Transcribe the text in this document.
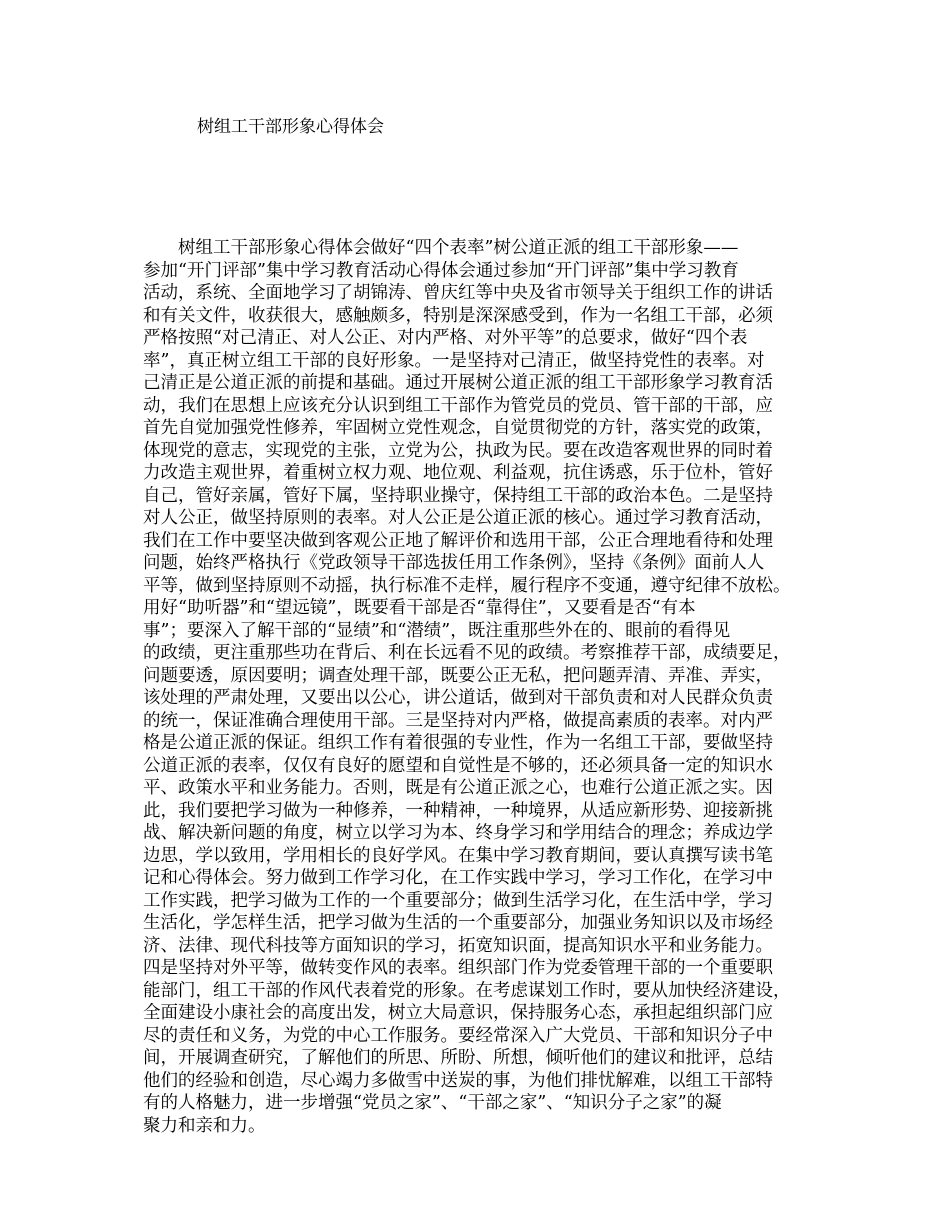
树组工干部形象心得体会
树组工干部形象心得体会做好“四个表率”树公道正派的组工干部形象——
参加“开门评部”集中学习教育活动心得体会通过参加“开门评部”集中学习教育
活动，系统、全面地学习了胡锦涛、曾庆红等中央及省市领导关于组织工作的讲话
和有关文件，收获很大，感触颇多，特别是深深感受到，作为一名组工干部，必须
严格按照“对己清正、对人公正、对内严格、对外平等”的总要求，做好“四个表
率”，真正树立组工干部的良好形象。一是坚持对己清正，做坚持党性的表率。对
己清正是公道正派的前提和基础。通过开展树公道正派的组工干部形象学习教育活
动，我们在思想上应该充分认识到组工干部作为管党员的党员、管干部的干部，应
首先自觉加强党性修养，牢固树立党性观念，自觉贯彻党的方针，落实党的政策，
体现党的意志，实现党的主张，立党为公，执政为民。要在改造客观世界的同时着
力改造主观世界，着重树立权力观、地位观、利益观，抗住诱惑，乐于位朴，管好
自己，管好亲属，管好下属，坚持职业操守，保持组工干部的政治本色。二是坚持
对人公正，做坚持原则的表率。对人公正是公道正派的核心。通过学习教育活动，
我们在工作中要坚决做到客观公正地了解评价和选用干部，公正合理地看待和处理
问题，始终严格执行《党政领导干部选拔任用工作条例》，坚持《条例》面前人人
平等，做到坚持原则不动摇，执行标准不走样，履行程序不变通，遵守纪律不放松。
用好“助听器”和“望远镜”，既要看干部是否“靠得住”，又要看是否“有本
事”；要深入了解干部的“显绩”和“潜绩”，既注重那些外在的、眼前的看得见
的政绩，更注重那些功在背后、利在长远看不见的政绩。考察推荐干部，成绩要足，
问题要透，原因要明；调查处理干部，既要公正无私，把问题弄清、弄准、弄实，
该处理的严肃处理，又要出以公心，讲公道话，做到对干部负责和对人民群众负责
的统一，保证准确合理使用干部。三是坚持对内严格，做提高素质的表率。对内严
格是公道正派的保证。组织工作有着很强的专业性，作为一名组工干部，要做坚持
公道正派的表率，仅仅有良好的愿望和自觉性是不够的，还必须具备一定的知识水
平、政策水平和业务能力。否则，既是有公道正派之心，也难行公道正派之实。因
此，我们要把学习做为一种修养，一种精神，一种境界，从适应新形势、迎接新挑
战、解决新问题的角度，树立以学习为本、终身学习和学用结合的理念；养成边学
边思，学以致用，学用相长的良好学风。在集中学习教育期间，要认真撰写读书笔
记和心得体会。努力做到工作学习化，在工作实践中学习，学习工作化，在学习中
工作实践，把学习做为工作的一个重要部分；做到生活学习化，在生活中学，学习
生活化，学怎样生活，把学习做为生活的一个重要部分，加强业务知识以及市场经
济、法律、现代科技等方面知识的学习，拓宽知识面，提高知识水平和业务能力。
四是坚持对外平等，做转变作风的表率。组织部门作为党委管理干部的一个重要职
能部门，组工干部的作风代表着党的形象。在考虑谋划工作时，要从加快经济建设，
全面建设小康社会的高度出发，树立大局意识，保持服务心态，承担起组织部门应
尽的责任和义务，为党的中心工作服务。要经常深入广大党员、干部和知识分子中
间，开展调查研究，了解他们的所思、所盼、所想，倾听他们的建议和批评，总结
他们的经验和创造，尽心竭力多做雪中送炭的事，为他们排忧解难，以组工干部特
有的人格魅力，进一步增强“党员之家”、“干部之家”、“知识分子之家”的凝
聚力和亲和力。
